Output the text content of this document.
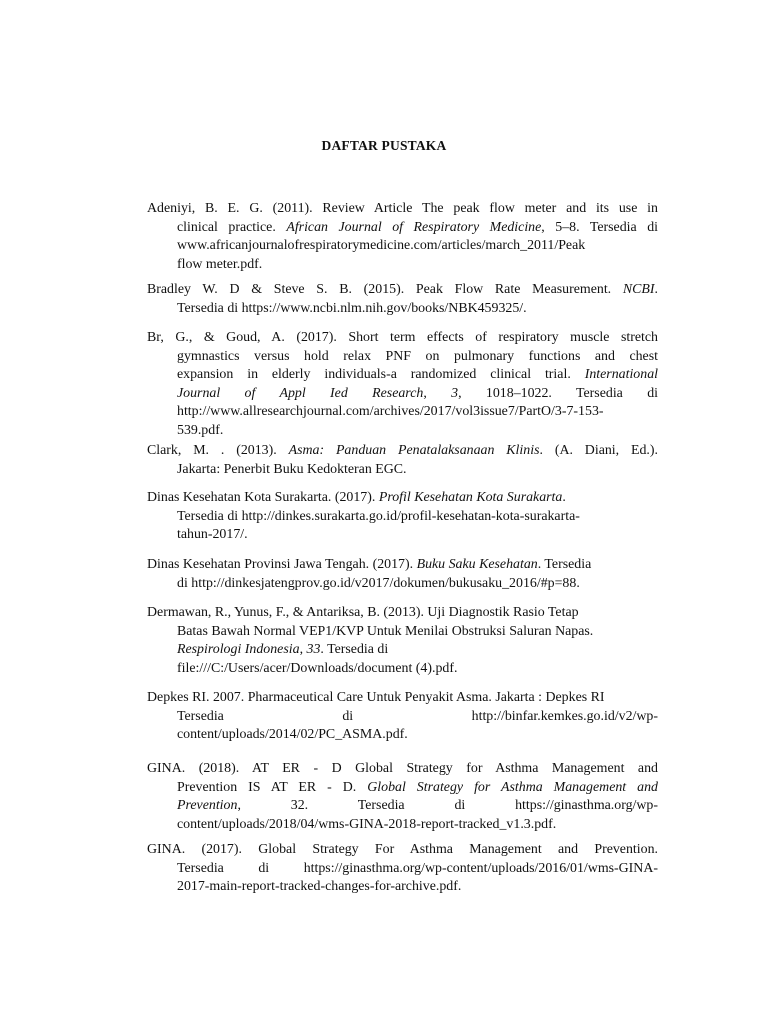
DAFTAR PUSTAKA
Adeniyi, B. E. G. (2011). Review Article The peak flow meter and its use in
clinical practice. African Journal of Respiratory Medicine, 5–8. Tersedia di
www.africanjournalofrespiratorymedicine.com/articles/march_2011/Peak
flow meter.pdf.
Bradley W. D & Steve S. B. (2015). Peak Flow Rate Measurement. NCBI.
Tersedia di https://www.ncbi.nlm.nih.gov/books/NBK459325/.
Br, G., & Goud, A. (2017). Short term effects of respiratory muscle stretch
gymnastics versus hold relax PNF on pulmonary functions and chest
expansion in elderly individuals-a randomized clinical trial. International
Journal of Appl Ied Research, 3, 1018–1022. Tersedia di
http://www.allresearchjournal.com/archives/2017/vol3issue7/PartO/3-7-153-
539.pdf.
Clark, M. . (2013). Asma: Panduan Penatalaksanaan Klinis. (A. Diani, Ed.).
Jakarta: Penerbit Buku Kedokteran EGC.
Dinas Kesehatan Kota Surakarta. (2017). Profil Kesehatan Kota Surakarta.
Tersedia di http://dinkes.surakarta.go.id/profil-kesehatan-kota-surakarta-
tahun-2017/.
Dinas Kesehatan Provinsi Jawa Tengah. (2017). Buku Saku Kesehatan. Tersedia
di http://dinkesjatengprov.go.id/v2017/dokumen/bukusaku_2016/#p=88.
Dermawan, R., Yunus, F., & Antariksa, B. (2013). Uji Diagnostik Rasio Tetap
Batas Bawah Normal VEP1/KVP Untuk Menilai Obstruksi Saluran Napas.
Respirologi Indonesia, 33. Tersedia di
file:///C:/Users/acer/Downloads/document (4).pdf.
Depkes RI. 2007. Pharmaceutical Care Untuk Penyakit Asma. Jakarta : Depkes RI
Tersedia di http://binfar.kemkes.go.id/v2/wp-
content/uploads/2014/02/PC_ASMA.pdf.
GINA. (2018). AT ER - D Global Strategy for Asthma Management and
Prevention IS AT ER - D. Global Strategy for Asthma Management and
Prevention, 32. Tersedia di https://ginasthma.org/wp-
content/uploads/2018/04/wms-GINA-2018-report-tracked_v1.3.pdf.
GINA. (2017). Global Strategy For Asthma Management and Prevention.
Tersedia di https://ginasthma.org/wp-content/uploads/2016/01/wms-GINA-
2017-main-report-tracked-changes-for-archive.pdf.
